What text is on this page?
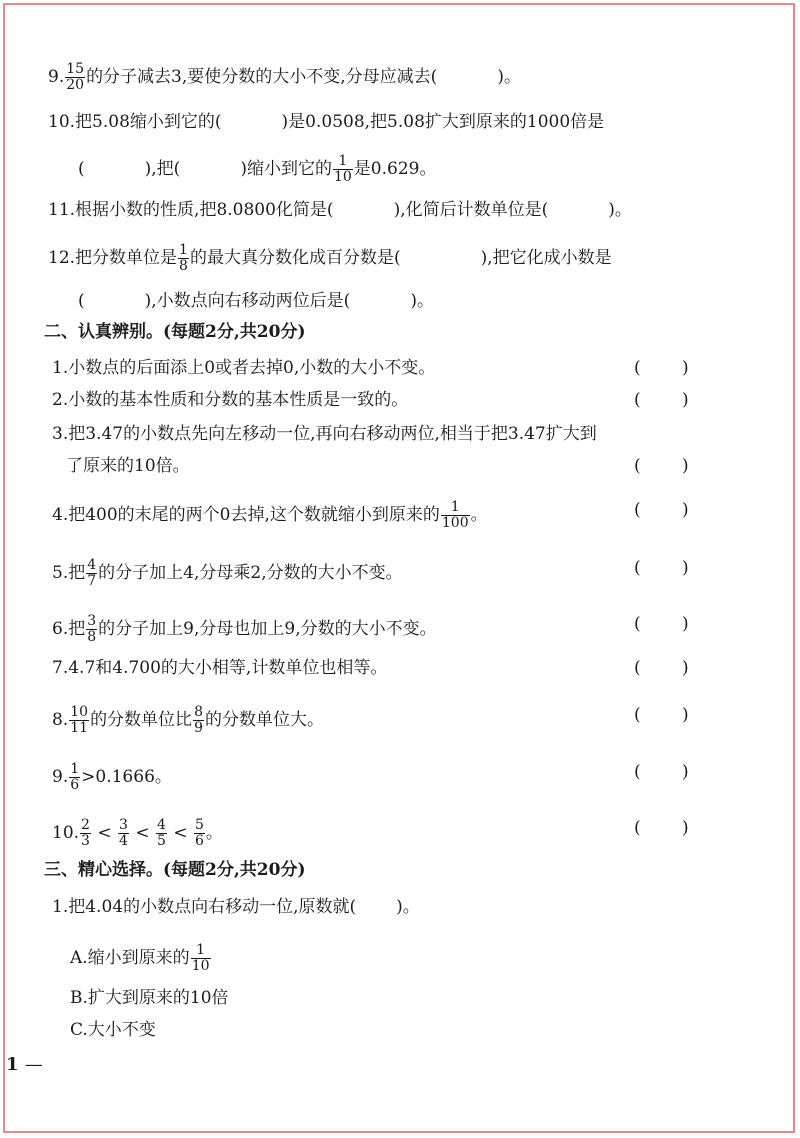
9. $\frac{15}{20}$ 的分子减去3,要使分数的大小不变,分母应减去(	)。
10.把5.08缩小到它的(	)是0.0508,把5.08扩大到原来的1000倍是
(	),把(	)缩小到它的 $\frac{1}{10}$ 是0.629。
11.根据小数的性质,把8.0800化简是(	),化简后计数单位是(	)。
12.把分数单位是 $\frac{1}{8}$ 的最大真分数化成百分数是(	),把它化成小数是
(	),小数点向右移动两位后是(	)。
二、认真辨别。(每题2分,共20分)
1.小数点的后面添上0或者去掉0,小数的大小不变。	( )
2.小数的基本性质和分数的基本性质是一致的。	( )
3.把3.47的小数点先向左移动一位,再向右移动两位,相当于把3.47扩大到
了原来的10倍。	( )
4.把400的末尾的两个0去掉,这个数就缩小到原来的 $\frac{1}{100}$ 。	( )
5.把 $\frac{4}{7}$ 的分子加上4,分母乘2,分数的大小不变。	( )
6.把 $\frac{3}{8}$ 的分子加上9,分母也加上9,分数的大小不变。	( )
7.4.7和4.700的大小相等,计数单位也相等。	( )
8. $\frac{10}{11}$ 的分数单位比 $\frac{8}{9}$ 的分数单位大。	( )
9. $\frac{1}{6} >0.1666$。	( )
10. $\frac{2}{3} < \frac{3}{4} < \frac{4}{5} < \frac{5}{6}$ 。	( )
三、精心选择。(每题2分,共20分)
1.把4.04的小数点向右移动一位,原数就( )。
A.缩小到原来的 $\frac{1}{10}$
B.扩大到原来的10倍
C.大小不变
1 —
